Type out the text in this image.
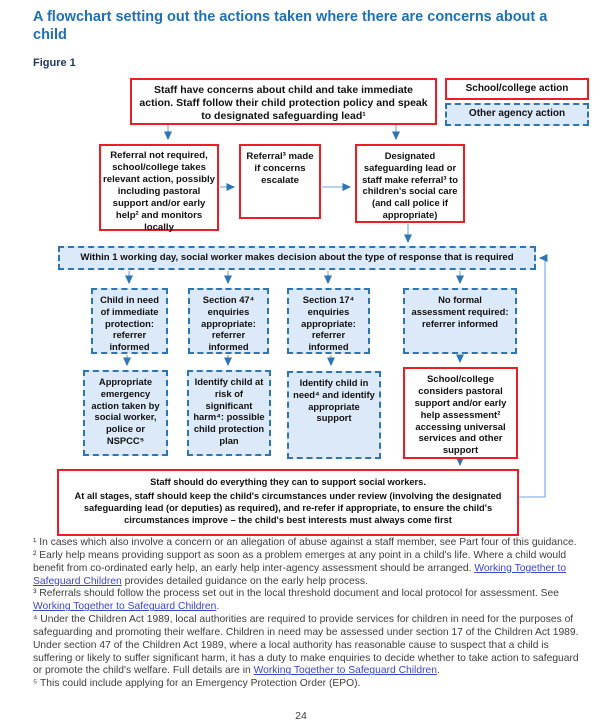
A flowchart setting out the actions taken where there are concerns about a child
Figure 1
Staff have concerns about child and take immediate action. Staff follow their child protection policy and speak to designated safeguarding lead¹
School/college action
Other agency action
Referral not required, school/college takes relevant action, possibly including pastoral support and/or early help² and monitors locally
Referral³ made if concerns escalate
Designated safeguarding lead or staff make referral³ to children's social care (and call police if appropriate)
Within 1 working day, social worker makes decision about the type of response that is required
Child in need of immediate protection: referrer informed
Section 47⁴ enquiries appropriate: referrer informed
Section 17⁴ enquiries appropriate: referrer informed
No formal assessment required: referrer informed
Appropriate emergency action taken by social worker, police or NSPCC⁵
Identify child at risk of significant harm⁴: possible child protection plan
Identify child in need⁴ and identify appropriate support
School/college considers pastoral support and/or early help assessment² accessing universal services and other support
Staff should do everything they can to support social workers.
At all stages, staff should keep the child's circumstances under review (involving the designated safeguarding lead (or deputies) as required), and re-refer if appropriate, to ensure the child's circumstances improve – the child's best interests must always come first

¹ In cases which also involve a concern or an allegation of abuse against a staff member, see Part four of this guidance.

² Early help means providing support as soon as a problem emerges at any point in a child's life. Where a child would benefit from co-ordinated early help, an early help inter-agency assessment should be arranged. Working Together to Safeguard Children provides detailed guidance on the early help process.

³ Referrals should follow the process set out in the local threshold document and local protocol for assessment. See Working Together to Safeguard Children.

⁴ Under the Children Act 1989, local authorities are required to provide services for children in need for the purposes of safeguarding and promoting their welfare. Children in need may be assessed under section 17 of the Children Act 1989. Under section 47 of the Children Act 1989, where a local authority has reasonable cause to suspect that a child is suffering or likely to suffer significant harm, it has a duty to make enquiries to decide whether to take action to safeguard or promote the child's welfare. Full details are in Working Together to Safeguard Children.

⁵ This could include applying for an Emergency Protection Order (EPO).

24
